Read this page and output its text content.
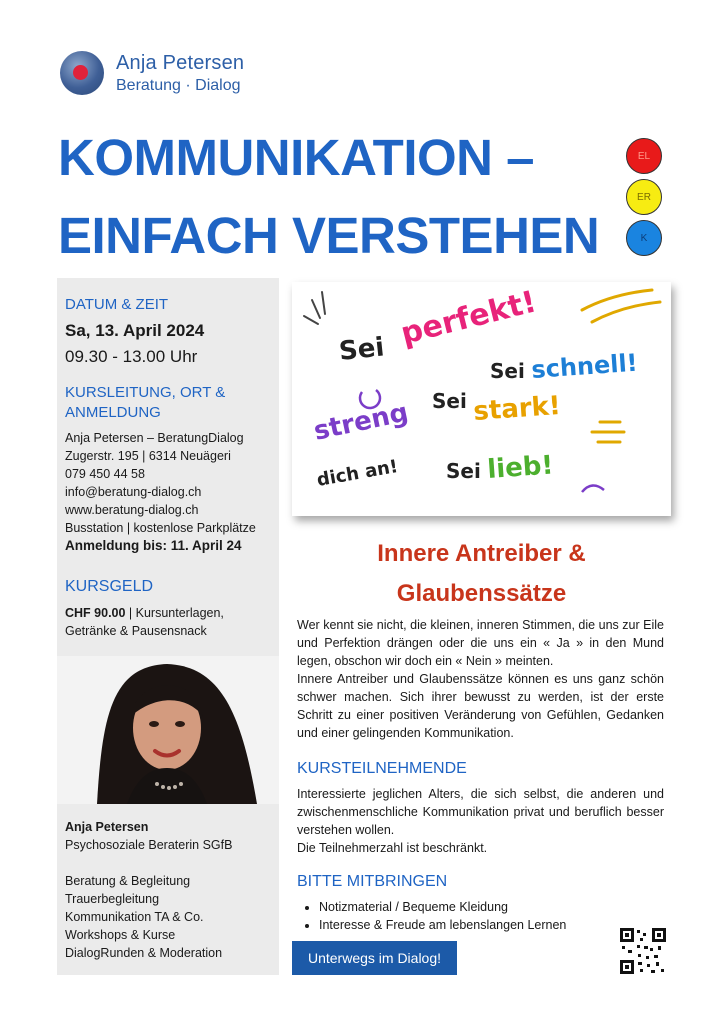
Anja Petersen
Beratung · Dialog
KOMMUNIKATION –
EINFACH VERSTEHEN
EL
ER
K
DATUM & ZEIT
Sa, 13. April 2024
09.30 - 13.00 Uhr
KURSLEITUNG, ORT & ANMELDUNG
Anja Petersen – BeratungDialog
Zugerstr. 195 | 6314 Neuägeri
079 450 44 58
info@beratung-dialog.ch
www.beratung-dialog.ch
Busstation | kostenlose Parkplätze
Anmeldung bis: 11. April 24
KURSGELD
CHF 90.00 | Kursunterlagen,
Getränke & Pausensnack
Anja Petersen
Psychosoziale Beraterin SGfB
Beratung & Begleitung
Trauerbegleitung
Kommunikation TA & Co.
Workshops & Kurse
DialogRunden & Moderation
Sei perfekt!
Sei schnell!
Sei stark!
streng
dich an! Sei lieb!
Innere Antreiber &
Glaubenssätze
Wer kennt sie nicht, die kleinen, inneren Stimmen, die uns zur Eile und Perfektion drängen oder die uns ein « Ja » in den Mund legen, obschon wir doch ein « Nein » meinten.
Innere Antreiber und Glaubenssätze können es uns ganz schön schwer machen. Sich ihrer bewusst zu werden, ist der erste Schritt zu einer positiven Veränderung von Gefühlen, Gedanken und einer gelingenden Kommunikation.
KURSTEILNEHMENDE
Interessierte jeglichen Alters, die sich selbst, die anderen und zwischenmenschliche Kommunikation privat und beruflich besser verstehen wollen.
Die Teilnehmerzahl ist beschränkt.
BITTE MITBRINGEN
• Notizmaterial / Bequeme Kleidung
• Interesse & Freude am lebenslangen Lernen
Unterwegs im Dialog!
